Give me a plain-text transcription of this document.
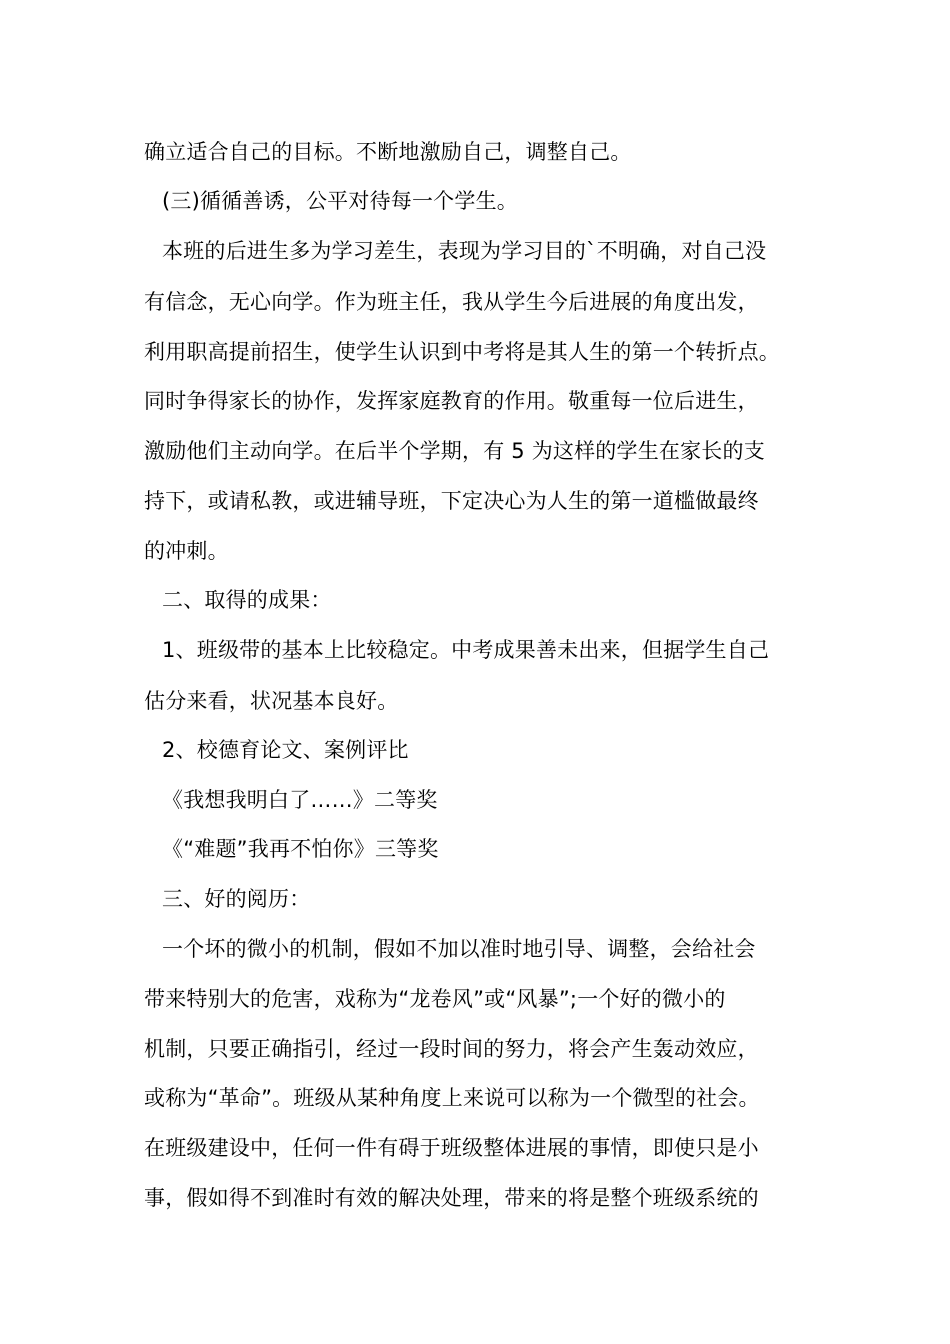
确立适合自己的目标。不断地激励自己，调整自己。
(三)循循善诱，公平对待每一个学生。
本班的后进生多为学习差生，表现为学习目的`不明确，对自己没
有信念，无心向学。作为班主任，我从学生今后进展的角度出发，
利用职高提前招生，使学生认识到中考将是其人生的第一个转折点。
同时争得家长的协作，发挥家庭教育的作用。敬重每一位后进生，
激励他们主动向学。在后半个学期，有 5 为这样的学生在家长的支
持下，或请私教，或进辅导班，下定决心为人生的第一道槛做最终
的冲刺。
二、取得的成果：
1、班级带的基本上比较稳定。中考成果善未出来，但据学生自己
估分来看，状况基本良好。
2、校德育论文、案例评比
《我想我明白了……》二等奖
《“难题”我再不怕你》三等奖
三、好的阅历：
一个坏的微小的机制，假如不加以准时地引导、调整，会给社会
带来特别大的危害，戏称为“龙卷风”或“风暴”;一个好的微小的
机制，只要正确指引，经过一段时间的努力，将会产生轰动效应，
或称为“革命”。班级从某种角度上来说可以称为一个微型的社会。
在班级建设中，任何一件有碍于班级整体进展的事情，即使只是小
事，假如得不到准时有效的解决处理，带来的将是整个班级系统的
